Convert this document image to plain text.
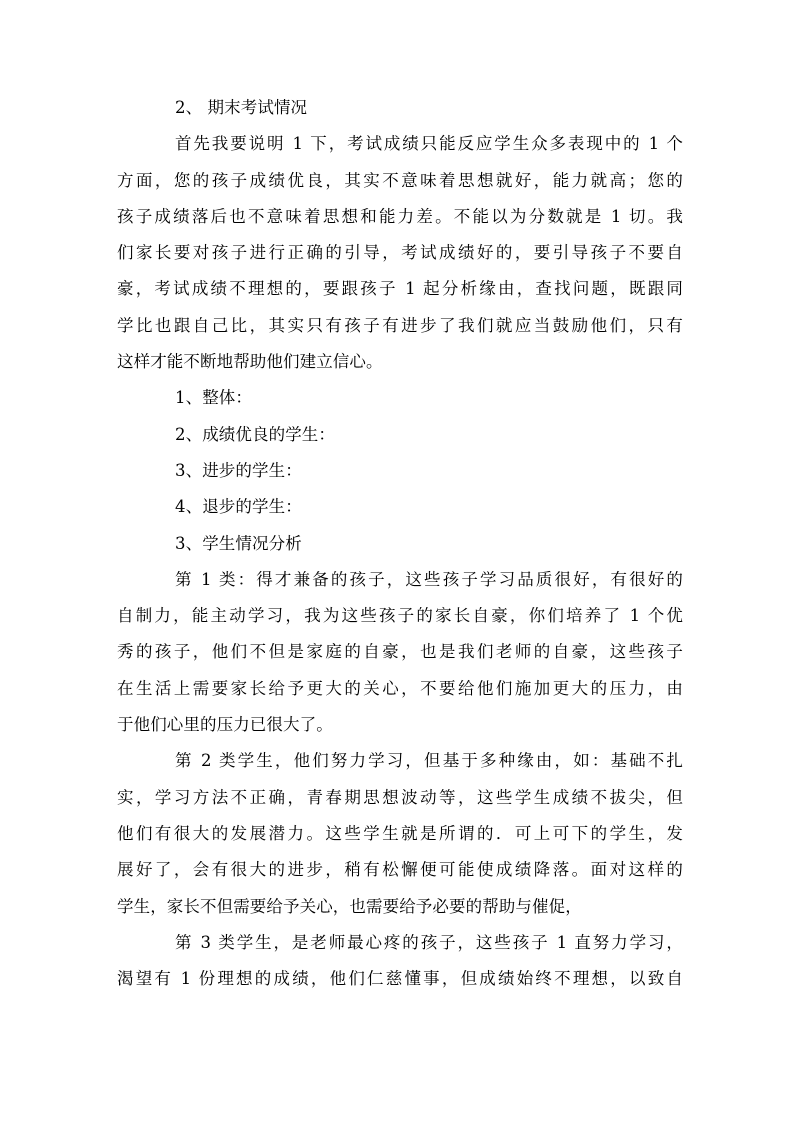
2、 期末考试情况
首先我要说明 1 下，考试成绩只能反应学生众多表现中的 1 个
方面，您的孩子成绩优良，其实不意味着思想就好，能力就高；您的
孩子成绩落后也不意味着思想和能力差。不能以为分数就是 1 切。我
们家长要对孩子进行正确的引导，考试成绩好的，要引导孩子不要自
豪，考试成绩不理想的，要跟孩子 1 起分析缘由，查找问题，既跟同
学比也跟自己比，其实只有孩子有进步了我们就应当鼓励他们，只有
这样才能不断地帮助他们建立信心。
1、整体：
2、成绩优良的学生：
3、进步的学生：
4、退步的学生：
3、学生情况分析
第 1 类：得才兼备的孩子，这些孩子学习品质很好，有很好的
自制力，能主动学习，我为这些孩子的家长自豪，你们培养了 1 个优
秀的孩子，他们不但是家庭的自豪，也是我们老师的自豪，这些孩子
在生活上需要家长给予更大的关心，不要给他们施加更大的压力，由
于他们心里的压力已很大了。
第 2 类学生，他们努力学习，但基于多种缘由，如：基础不扎
实，学习方法不正确，青春期思想波动等，这些学生成绩不拔尖，但
他们有很大的发展潜力。这些学生就是所谓的．可上可下的学生，发
展好了，会有很大的进步，稍有松懈便可能使成绩降落。面对这样的
学生，家长不但需要给予关心，也需要给予必要的帮助与催促，
第 3 类学生，是老师最心疼的孩子，这些孩子 1 直努力学习，
渴望有 1 份理想的成绩，他们仁慈懂事，但成绩始终不理想，以致自
